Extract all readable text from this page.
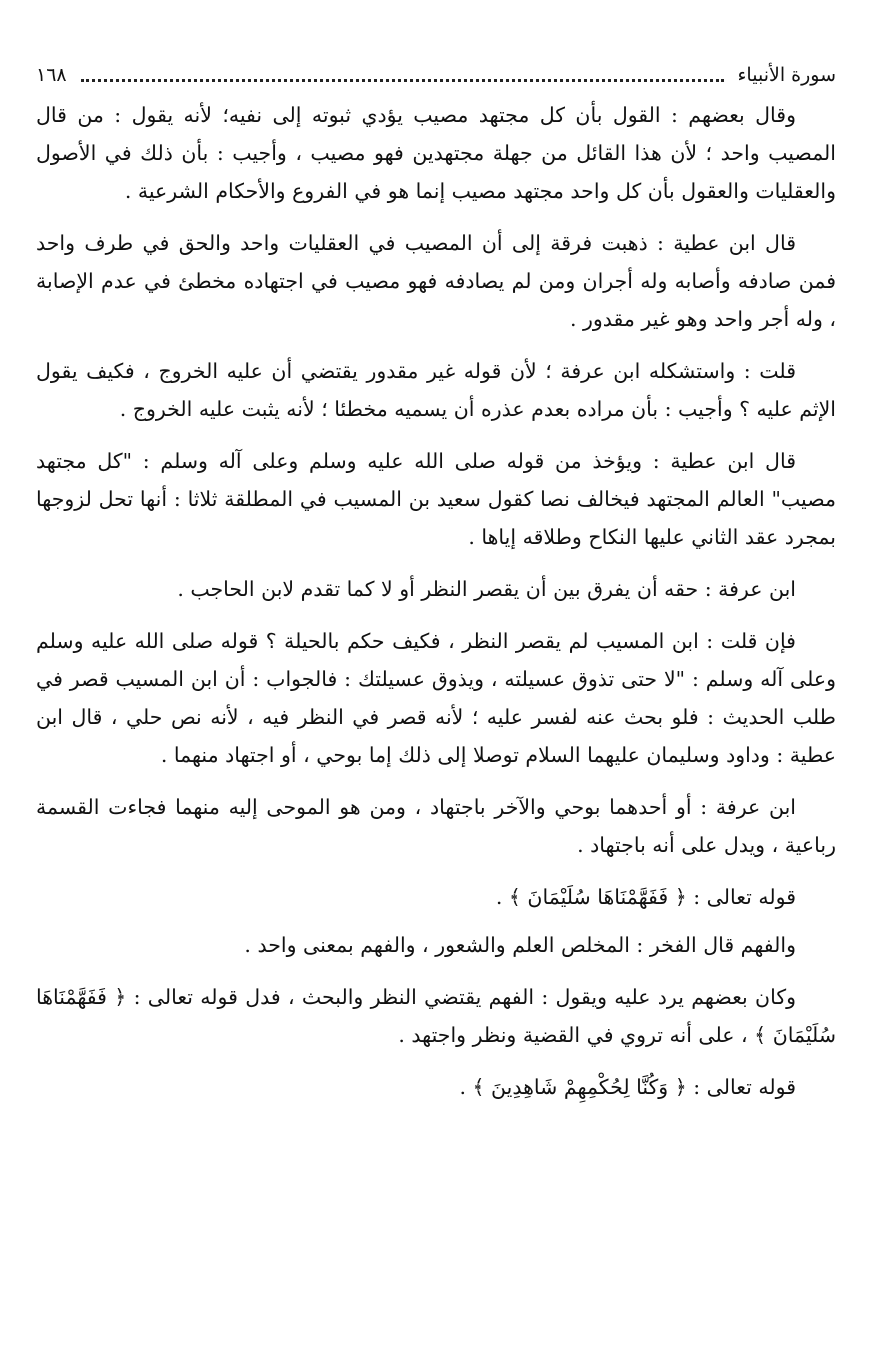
سورة الأنبياء
١٦٨

وقال بعضهم : القول بأن كل مجتهد مصيب يؤدي ثبوته إلى نفيه؛ لأنه يقول : من قال المصيب واحد ؛ لأن هذا القائل من جهلة مجتهدين فهو مصيب ، وأجيب : بأن ذلك في الأصول والعقليات والعقول بأن كل واحد مجتهد مصيب إنما هو في الفروع والأحكام الشرعية .

قال ابن عطية : ذهبت فرقة إلى أن المصيب في العقليات واحد والحق في طرف واحد فمن صادفه وأصابه وله أجران ومن لم يصادفه فهو مصيب في اجتهاده مخطئ في عدم الإصابة ، وله أجر واحد وهو غير مقدور .

قلت : واستشكله ابن عرفة ؛ لأن قوله غير مقدور يقتضي أن عليه الخروج ، فكيف يقول الإثم عليه ؟ وأجيب : بأن مراده بعدم عذره أن يسميه مخطئا ؛ لأنه يثبت عليه الخروج .

قال ابن عطية : ويؤخذ من قوله صلى الله عليه وسلم وعلى آله وسلم : "كل مجتهد مصيب" العالم المجتهد فيخالف نصا كقول سعيد بن المسيب في المطلقة ثلاثا : أنها تحل لزوجها بمجرد عقد الثاني عليها النكاح وطلاقه إياها .

ابن عرفة : حقه أن يفرق بين أن يقصر النظر أو لا كما تقدم لابن الحاجب .

فإن قلت : ابن المسيب لم يقصر النظر ، فكيف حكم بالحيلة ؟ قوله صلى الله عليه وسلم وعلى آله وسلم : "لا حتى تذوق عسيلته ، ويذوق عسيلتك : فالجواب : أن ابن المسيب قصر في طلب الحديث : فلو بحث عنه لفسر عليه ؛ لأنه قصر في النظر فيه ، لأنه نص حلي ، قال ابن عطية : وداود وسليمان عليهما السلام توصلا إلى ذلك إما بوحي ، أو اجتهاد منهما .

ابن عرفة : أو أحدهما بوحي والآخر باجتهاد ، ومن هو الموحى إليه منهما فجاءت القسمة رباعية ، ويدل على أنه باجتهاد .

قوله تعالى : ﴿ فَفَهَّمْنَاهَا سُلَيْمَانَ ﴾ .

والفهم قال الفخر : المخلص العلم والشعور ، والفهم بمعنى واحد .

وكان بعضهم يرد عليه ويقول : الفهم يقتضي النظر والبحث ، فدل قوله تعالى : ﴿ فَفَهَّمْنَاهَا سُلَيْمَانَ ﴾ ، على أنه تروي في القضية ونظر واجتهد .

قوله تعالى : ﴿ وَكُنَّا لِحُكْمِهِمْ شَاهِدِينَ ﴾ .
